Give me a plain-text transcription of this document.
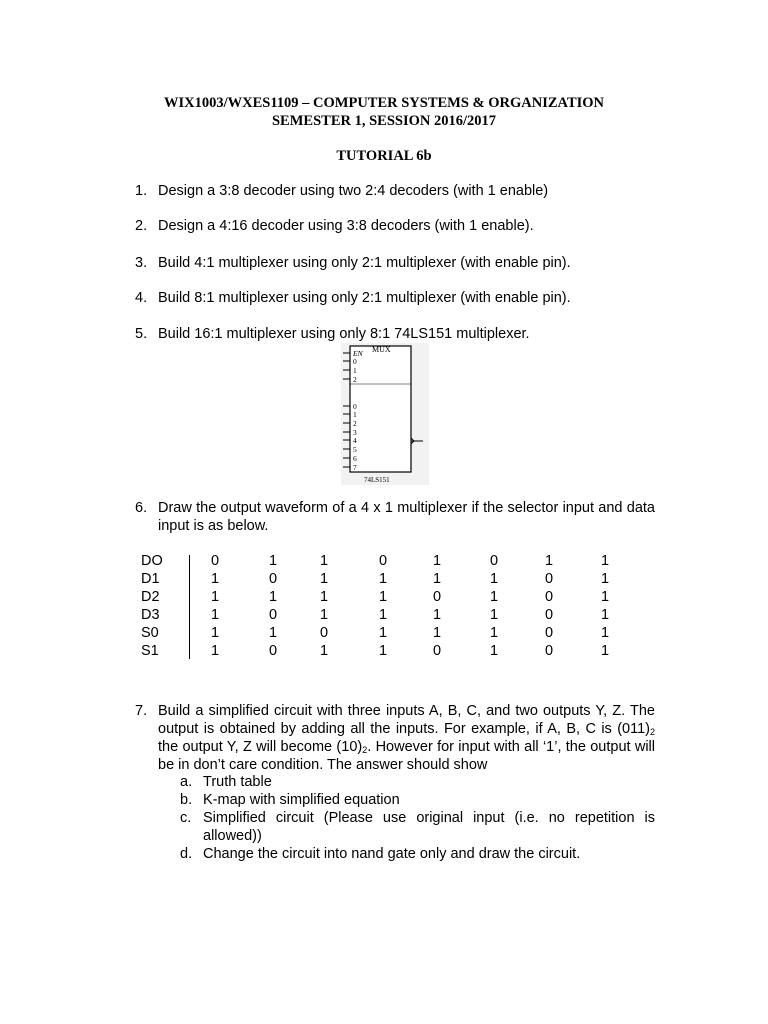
WIX1003/WXES1109 – COMPUTER SYSTEMS & ORGANIZATION
SEMESTER 1, SESSION 2016/2017
TUTORIAL 6b
1. Design a 3:8 decoder using two 2:4 decoders (with 1 enable)
2. Design a 4:16 decoder using 3:8 decoders (with 1 enable).
3. Build 4:1 multiplexer using only 2:1 multiplexer (with enable pin).
4. Build 8:1 multiplexer using only 2:1 multiplexer (with enable pin).
5. Build 16:1 multiplexer using only 8:1 74LS151 multiplexer.
MUX
EN
0
1
2
0
1
2
3
4
5
6
7
74LS151
6. Draw the output waveform of a 4 x 1 multiplexer if the selector input and data input is as below.
DO	0	1	1	0	1	0	1	1
D1	1	0	1	1	1	1	0	1
D2	1	1	1	1	0	1	0	1
D3	1	0	1	1	1	1	0	1
S0	1	1	0	1	1	1	0	1
S1	1	0	1	1	0	1	0	1
7. Build a simplified circuit with three inputs A, B, C, and two outputs Y, Z. The output is obtained by adding all the inputs. For example, if A, B, C is $(011)_2$ the output Y, Z will become $(10)_2$. However for input with all ‘1’, the output will be in don’t care condition. The answer should show
a. Truth table
b. K-map with simplified equation
c. Simplified circuit (Please use original input (i.e. no repetition is allowed))
d. Change the circuit into nand gate only and draw the circuit.
